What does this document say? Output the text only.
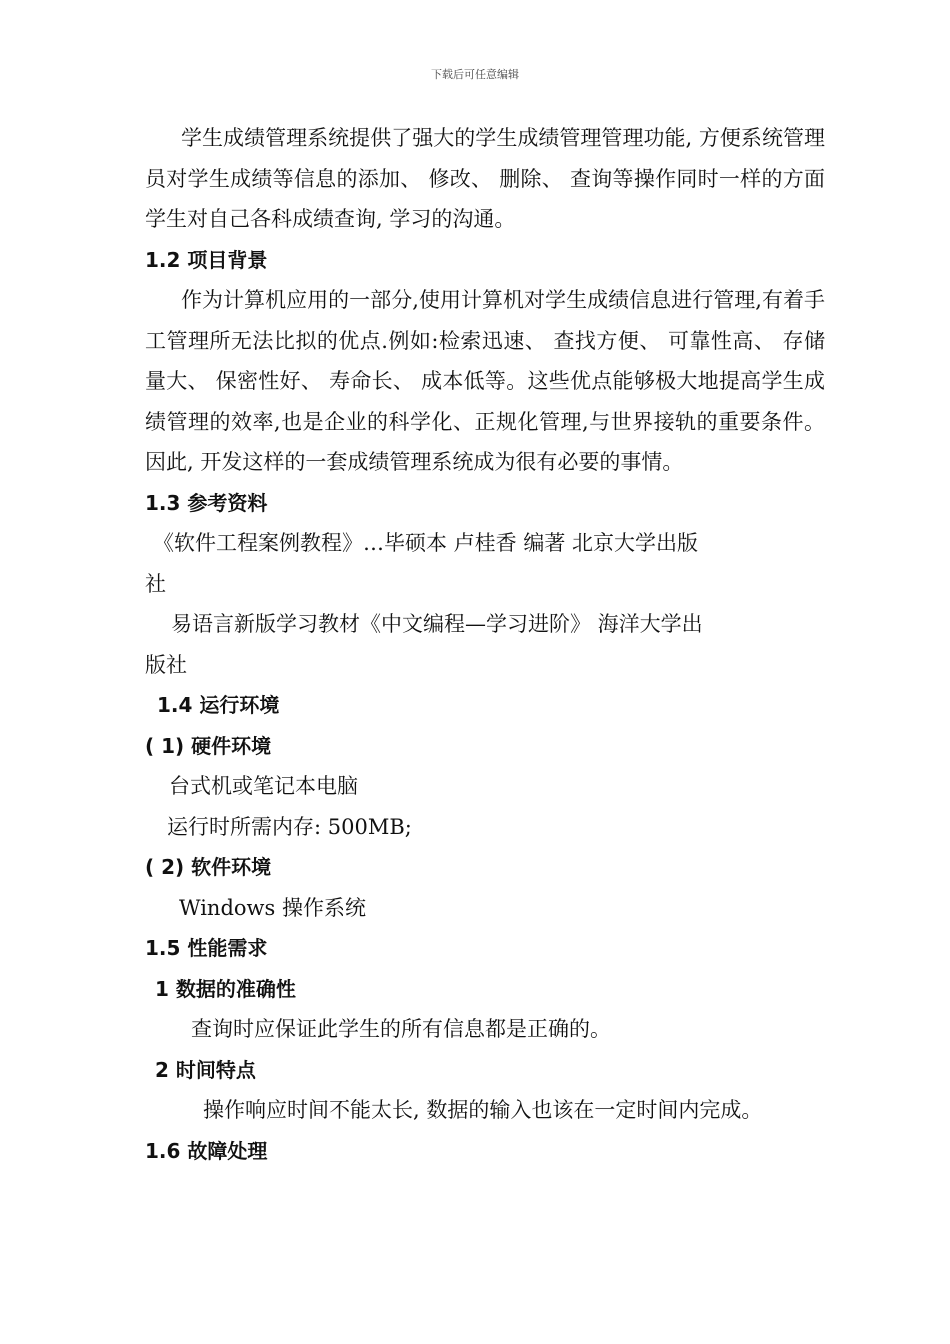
下载后可任意编辑

学生成绩管理系统提供了强大的学生成绩管理管理功能, 方便系统管理员对学生成绩等信息的添加、 修改、 删除、 查询等操作同时一样的方面学生对自己各科成绩查询, 学习的沟通。

1.2 项目背景

作为计算机应用的一部分,使用计算机对学生成绩信息进行管理,有着手工管理所无法比拟的优点.例如:检索迅速、 查找方便、 可靠性高、 存储量大、 保密性好、 寿命长、 成本低等。这些优点能够极大地提高学生成绩管理的效率,也是企业的科学化、正规化管理,与世界接轨的重要条件。因此, 开发这样的一套成绩管理系统成为很有必要的事情。

1.3 参考资料

《软件工程案例教程》…毕硕本 卢桂香 编著 北京大学出版

社

易语言新版学习教材《中文编程—学习进阶》 海洋大学出

版社

1.4 运行环境

( 1) 硬件环境

台式机或笔记本电脑

运行时所需内存: 500MB;

( 2) 软件环境

Windows 操作系统

1.5 性能需求

1 数据的准确性

查询时应保证此学生的所有信息都是正确的。

2 时间特点

操作响应时间不能太长, 数据的输入也该在一定时间内完成。

1.6 故障处理
